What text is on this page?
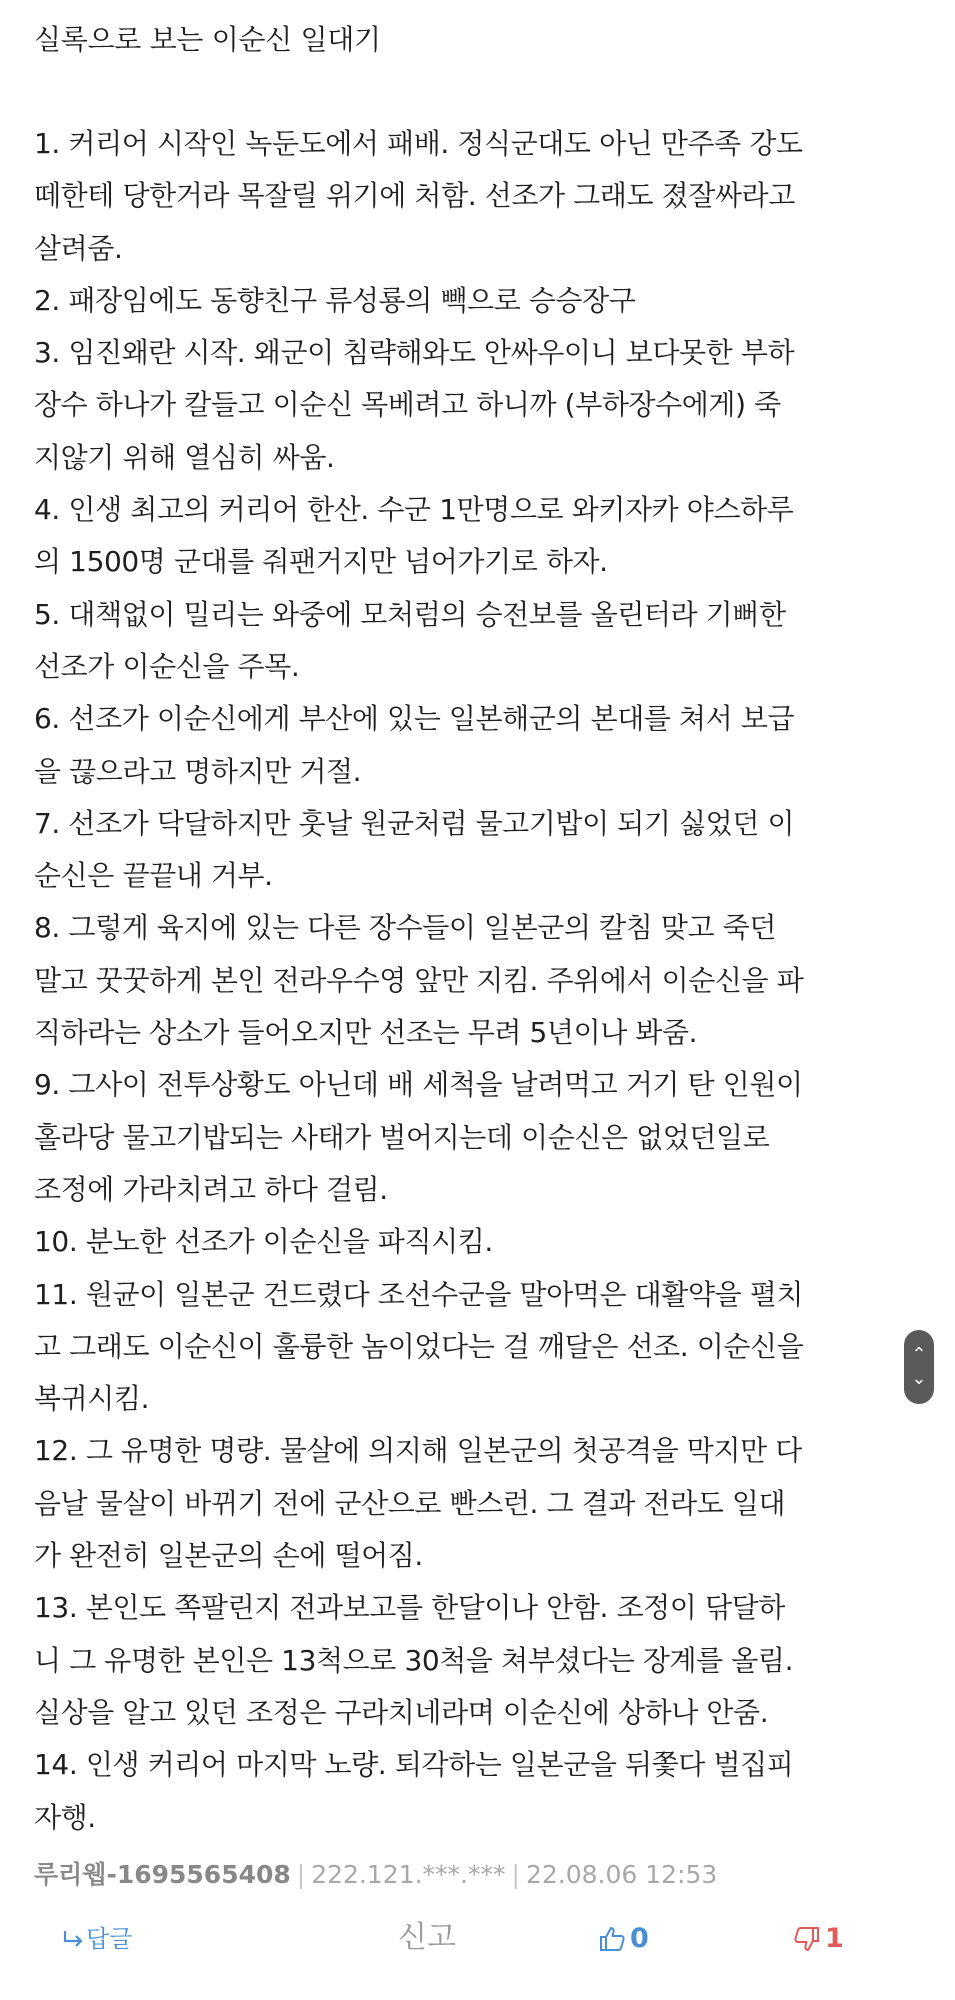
실록으로 보는 이순신 일대기

1. 커리어 시작인 녹둔도에서 패배. 정식군대도 아닌 만주족 강도

떼한테 당한거라 목잘릴 위기에 처함. 선조가 그래도 졌잘싸라고

살려줌.

2. 패장임에도 동향친구 류성룡의 빽으로 승승장구

3. 임진왜란 시작. 왜군이 침략해와도 안싸우이니 보다못한 부하

장수 하나가 칼들고 이순신 목베려고 하니까 (부하장수에게) 죽

지않기 위해 열심히 싸움.

4. 인생 최고의 커리어 한산. 수군 1만명으로 와키자카 야스하루

의 1500명 군대를 줘팬거지만 넘어가기로 하자.

5. 대책없이 밀리는 와중에 모처럼의 승전보를 올린터라 기뻐한

선조가 이순신을 주목.

6. 선조가 이순신에게 부산에 있는 일본해군의 본대를 쳐서 보급

을 끊으라고 명하지만 거절.

7. 선조가 닥달하지만 훗날 원균처럼 물고기밥이 되기 싫었던 이

순신은 끝끝내 거부.

8. 그렇게 육지에 있는 다른 장수들이 일본군의 칼침 맞고 죽던

말고 꿋꿋하게 본인 전라우수영 앞만 지킴. 주위에서 이순신을 파

직하라는 상소가 들어오지만 선조는 무려 5년이나 봐줌.

9. 그사이 전투상황도 아닌데 배 세척을 날려먹고 거기 탄 인원이

홀라당 물고기밥되는 사태가 벌어지는데 이순신은 없었던일로

조정에 가라치려고 하다 걸림.

10. 분노한 선조가 이순신을 파직시킴.

11. 원균이 일본군 건드렸다 조선수군을 말아먹은 대활약을 펼치

고 그래도 이순신이 훌륭한 놈이었다는 걸 깨달은 선조. 이순신을

복귀시킴.

12. 그 유명한 명량. 물살에 의지해 일본군의 첫공격을 막지만 다

음날 물살이 바뀌기 전에 군산으로 빤스런. 그 결과 전라도 일대

가 완전히 일본군의 손에 떨어짐.

13. 본인도 쪽팔린지 전과보고를 한달이나 안함. 조정이 닦달하

니 그 유명한 본인은 13척으로 30척을 쳐부셨다는 장계를 올림.

실상을 알고 있던 조정은 구라치네라며 이순신에 상하나 안줌.

14. 인생 커리어 마지막 노량. 퇴각하는 일본군을 뒤쫓다 벌집피

자행.

⌃
⌄
루리웹-1695565408 | 222.121.***.*** | 22.08.06 12:53
답글	신고	0	1
